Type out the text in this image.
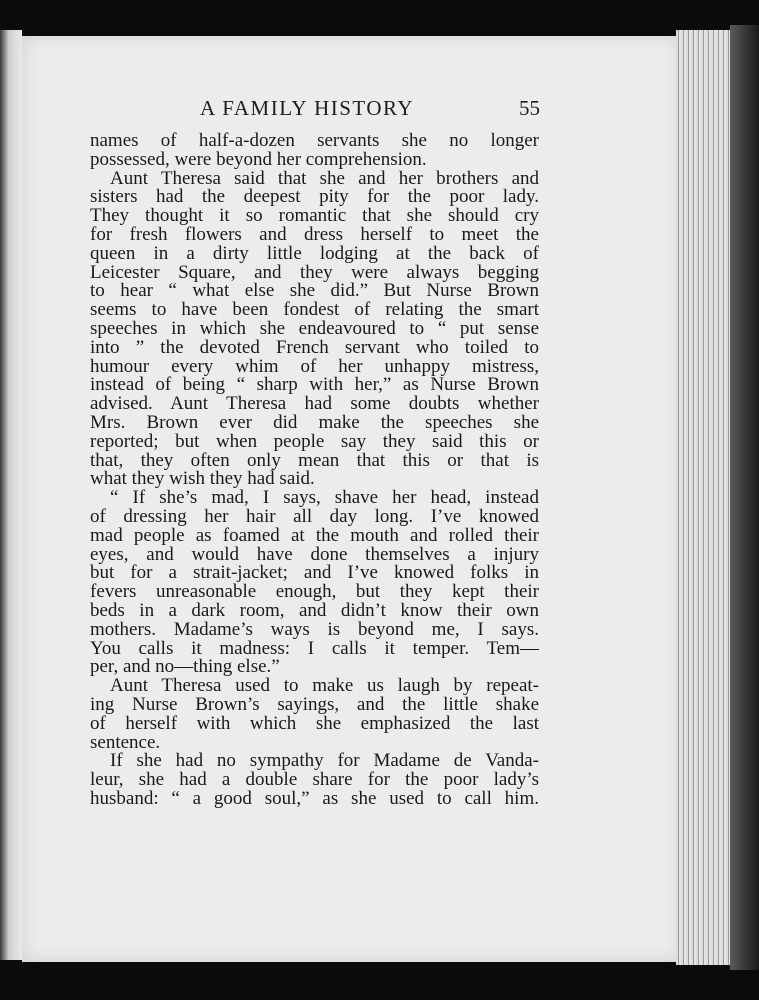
A FAMILY HISTORY	55
names of half-a-dozen servants she no longer
possessed, were beyond her comprehension.
Aunt Theresa said that she and her brothers and
sisters had the deepest pity for the poor lady.
They thought it so romantic that she should cry
for fresh flowers and dress herself to meet the
queen in a dirty little lodging at the back of
Leicester Square, and they were always begging
to hear “ what else she did.” But Nurse Brown
seems to have been fondest of relating the smart
speeches in which she endeavoured to “ put sense
into ” the devoted French servant who toiled to
humour every whim of her unhappy mistress,
instead of being “ sharp with her,” as Nurse Brown
advised. Aunt Theresa had some doubts whether
Mrs. Brown ever did make the speeches she
reported; but when people say they said this or
that, they often only mean that this or that is
what they wish they had said.
“ If she’s mad, I says, shave her head, instead
of dressing her hair all day long. I’ve knowed
mad people as foamed at the mouth and rolled their
eyes, and would have done themselves a injury
but for a strait-jacket; and I’ve knowed folks in
fevers unreasonable enough, but they kept their
beds in a dark room, and didn’t know their own
mothers. Madame’s ways is beyond me, I says.
You calls it madness: I calls it temper. Tem—
per, and no—thing else.”
Aunt Theresa used to make us laugh by repeat-
ing Nurse Brown’s sayings, and the little shake
of herself with which she emphasized the last
sentence.
If she had no sympathy for Madame de Vanda-
leur, she had a double share for the poor lady’s
husband: “ a good soul,” as she used to call him.
